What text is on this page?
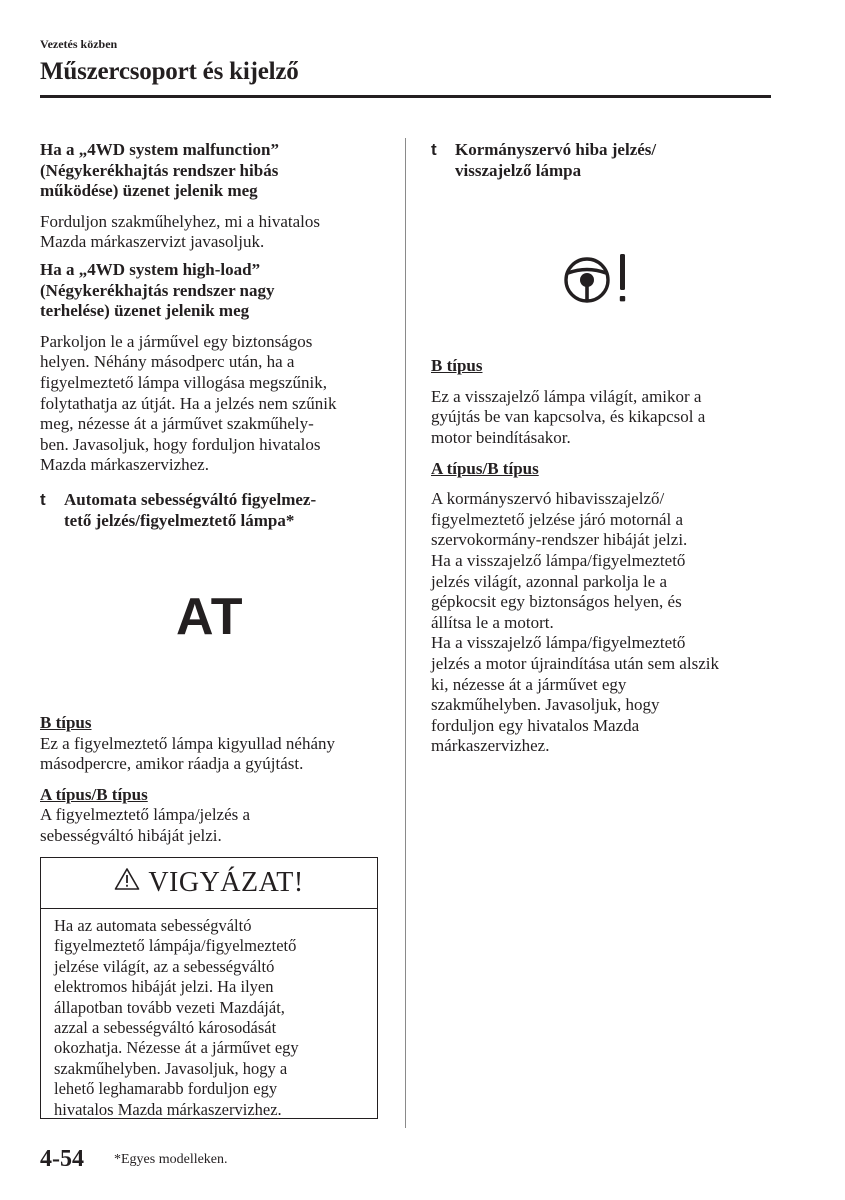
Vezetés közben
Műszercsoport és kijelző

Ha a „4WD system malfunction”
(Négykerékhajtás rendszer hibás
működése) üzenet jelenik meg

Forduljon szakműhelyhez, mi a hivatalos
Mazda márkaszervizt javasoljuk.

Ha a „4WD system high-load”
(Négykerékhajtás rendszer nagy
terhelése) üzenet jelenik meg

Parkoljon le a járművel egy biztonságos
helyen. Néhány másodperc után, ha a
figyelmeztető lámpa villogása megszűnik,
folytathatja az útját. Ha a jelzés nem szűnik
meg, nézesse át a járművet szakműhely-
ben. Javasoljuk, hogy forduljon hivatalos
Mazda márkaszervizhez.

t Automata sebességváltó figyelmez-
tető jelzés/figyelmeztető lámpa*

AT

B típus

Ez a figyelmeztető lámpa kigyullad néhány
másodpercre, amikor ráadja a gyújtást.

A típus/B típus

A figyelmeztető lámpa/jelzés a
sebességváltó hibáját jelzi.

VIGYÁZAT!
Ha az automata sebességváltó
figyelmeztető lámpája/figyelmeztető
jelzése világít, az a sebességváltó
elektromos hibáját jelzi. Ha ilyen
állapotban tovább vezeti Mazdáját,
azzal a sebességváltó károsodását
okozhatja. Nézesse át a járművet egy
szakműhelyben. Javasoljuk, hogy a
lehető leghamarabb forduljon egy
hivatalos Mazda márkaszervizhez.

t Kormányszervó hiba jelzés/
visszajelző lámpa

B típus

Ez a visszajelző lámpa világít, amikor a
gyújtás be van kapcsolva, és kikapcsol a
motor beindításakor.

A típus/B típus

A kormányszervó hibavisszajelző/
figyelmeztető jelzése járó motornál a
szervokormány-rendszer hibáját jelzi.
Ha a visszajelző lámpa/figyelmeztető
jelzés világít, azonnal parkolja le a
gépkocsit egy biztonságos helyen, és
állítsa le a motort.
Ha a visszajelző lámpa/figyelmeztető
jelzés a motor újraindítása után sem alszik
ki, nézesse át a járművet egy
szakműhelyben. Javasoljuk, hogy
forduljon egy hivatalos Mazda
márkaszervizhez.

4-54 *Egyes modelleken.
